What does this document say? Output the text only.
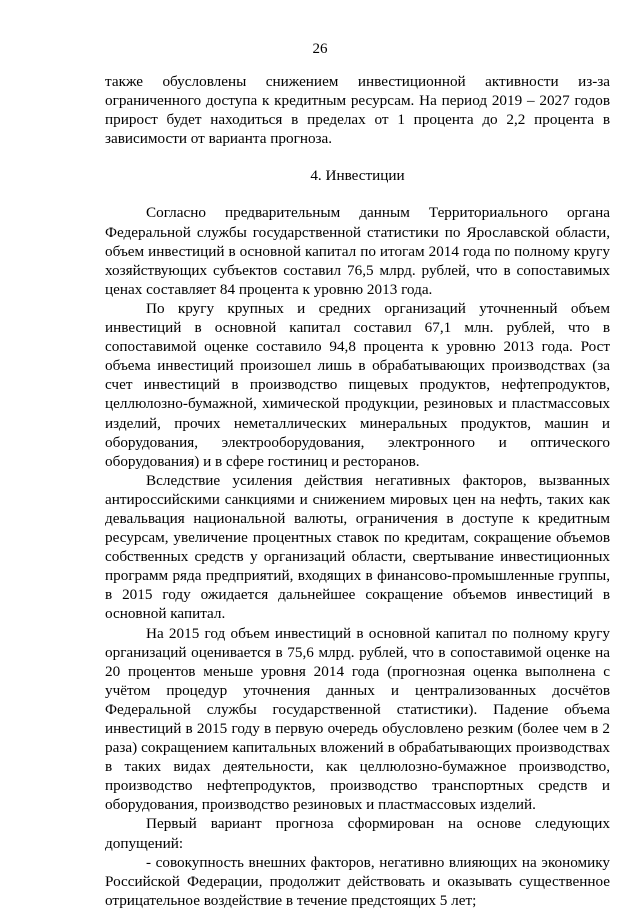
26

также обусловлены снижением инвестиционной активности из-за ограниченного доступа к кредитным ресурсам. На период 2019 – 2027 годов прирост будет находиться в пределах от 1 процента до 2,2 процента в зависимости от варианта прогноза.

4. Инвестиции

Согласно предварительным данным Территориального органа Федеральной службы государственной статистики по Ярославской области, объем инвестиций в основной капитал по итогам 2014 года по полному кругу хозяйствующих субъектов составил 76,5 млрд. рублей, что в сопоставимых ценах составляет 84 процента к уровню 2013 года.

По кругу крупных и средних организаций уточненный объем инвестиций в основной капитал составил 67,1 млн. рублей, что в сопоставимой оценке составило 94,8 процента к уровню 2013 года. Рост объема инвестиций произошел лишь в обрабатывающих производствах (за счет инвестиций в производство пищевых продуктов, нефтепродуктов, целлюлозно-бумажной, химической продукции, резиновых и пластмассовых изделий, прочих неметаллических минеральных продуктов, машин и оборудования, электрооборудования, электронного и оптического оборудования) и в сфере гостиниц и ресторанов.

Вследствие усиления действия негативных факторов, вызванных антироссийскими санкциями и снижением мировых цен на нефть, таких как девальвация национальной валюты, ограничения в доступе к кредитным ресурсам, увеличение процентных ставок по кредитам, сокращение объемов собственных средств у организаций области, свертывание инвестиционных программ ряда предприятий, входящих в финансово-промышленные группы, в 2015 году ожидается дальнейшее сокращение объемов инвестиций в основной капитал.

На 2015 год объем инвестиций в основной капитал по полному кругу организаций оценивается в 75,6 млрд. рублей, что в сопоставимой оценке на 20 процентов меньше уровня 2014 года (прогнозная оценка выполнена с учётом процедур уточнения данных и централизованных досчётов Федеральной службы государственной статистики). Падение объема инвестиций в 2015 году в первую очередь обусловлено резким (более чем в 2 раза) сокращением капитальных вложений в обрабатывающих производствах в таких видах деятельности, как целлюлозно-бумажное производство, производство нефтепродуктов, производство транспортных средств и оборудования, производство резиновых и пластмассовых изделий.

Первый вариант прогноза сформирован на основе следующих допущений:

- совокупность внешних факторов, негативно влияющих на экономику Российской Федерации, продолжит действовать и оказывать существенное отрицательное воздействие в течение предстоящих 5 лет;
